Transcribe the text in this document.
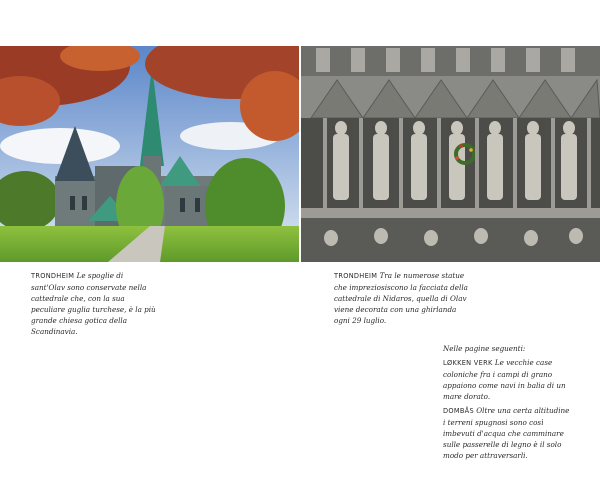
TRONDHEIM Le spoglie di sant'Olav sono conservate nella cattedrale che, con la sua peculiare guglia turchese, è la più grande chiesa gotica della Scandinavia.
TRONDHEIM Tra le numerose statue che impreziosiscono la facciata della cattedrale di Nidaros, quella di Olav viene decorata con una ghirlanda ogni 29 luglio.
Nelle pagine seguenti:

LØKKEN VERK Le vecchie case coloniche fra i campi di grano appaiono come navi in balia di un mare dorato.

DOMBÅS Oltre una certa altitudine i terreni spugnosi sono così imbevuti d'acqua che camminare sulle passerelle di legno è il solo modo per attraversarli.
